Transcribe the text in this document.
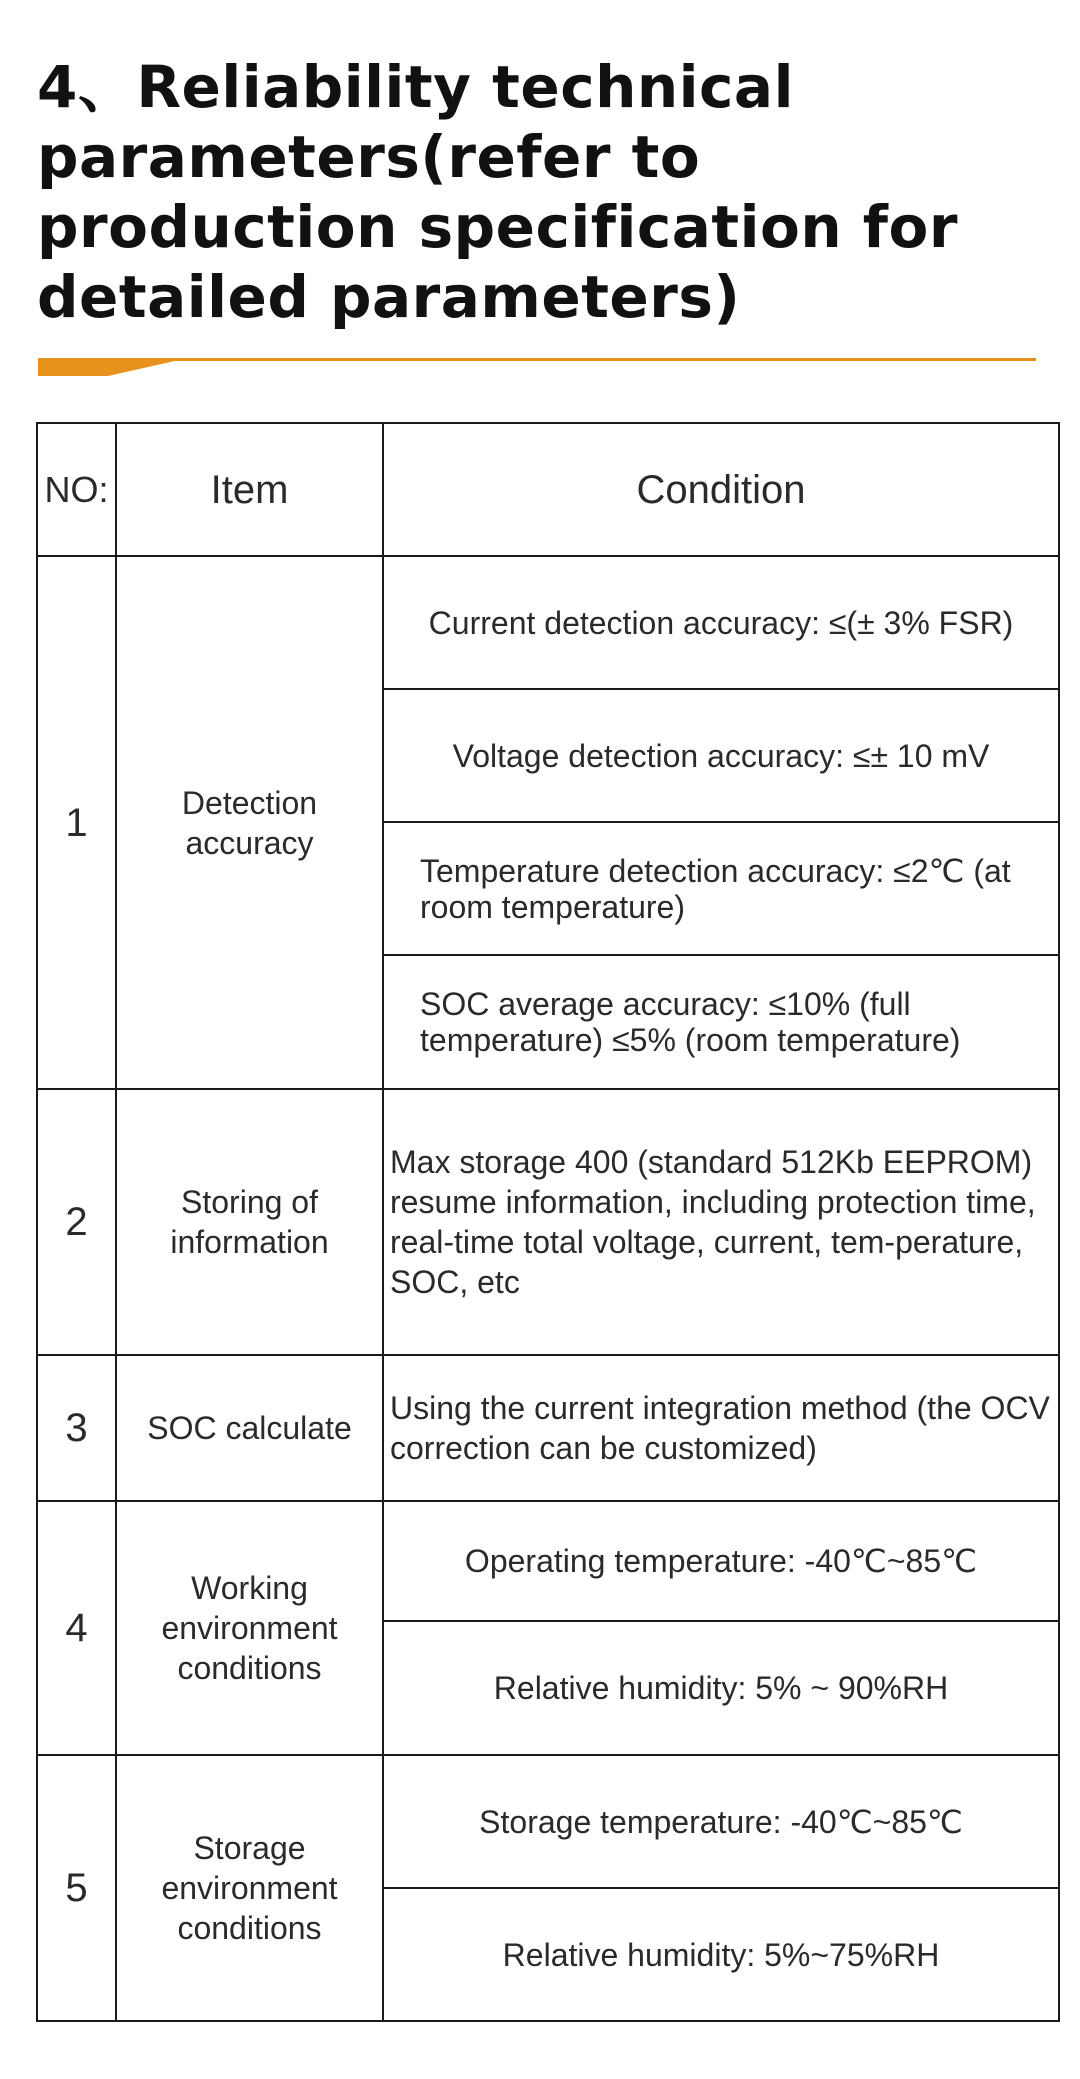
4、Reliability technical parameters(refer to production specification for detailed parameters)
NO:	Item	Condition
1	Detection accuracy	Current detection accuracy: ≤(± 3% FSR)
		Voltage detection accuracy: ≤± 10 mV
		Temperature detection accuracy: ≤2℃ (at room temperature)
		SOC average accuracy: ≤10% (full temperature) ≤5% (room temperature)
2	Storing of information	Max storage 400 (standard 512Kb EEPROM) resume information, including protection time, real-time total voltage, current, tem-perature, SOC, etc
3	SOC calculate	Using the current integration method (the OCV correction can be customized)
4	Working environment conditions	Operating temperature: -40℃~85℃
		Relative humidity: 5% ~ 90%RH
5	Storage environment conditions	Storage temperature: -40℃~85℃
		Relative humidity: 5%~75%RH
